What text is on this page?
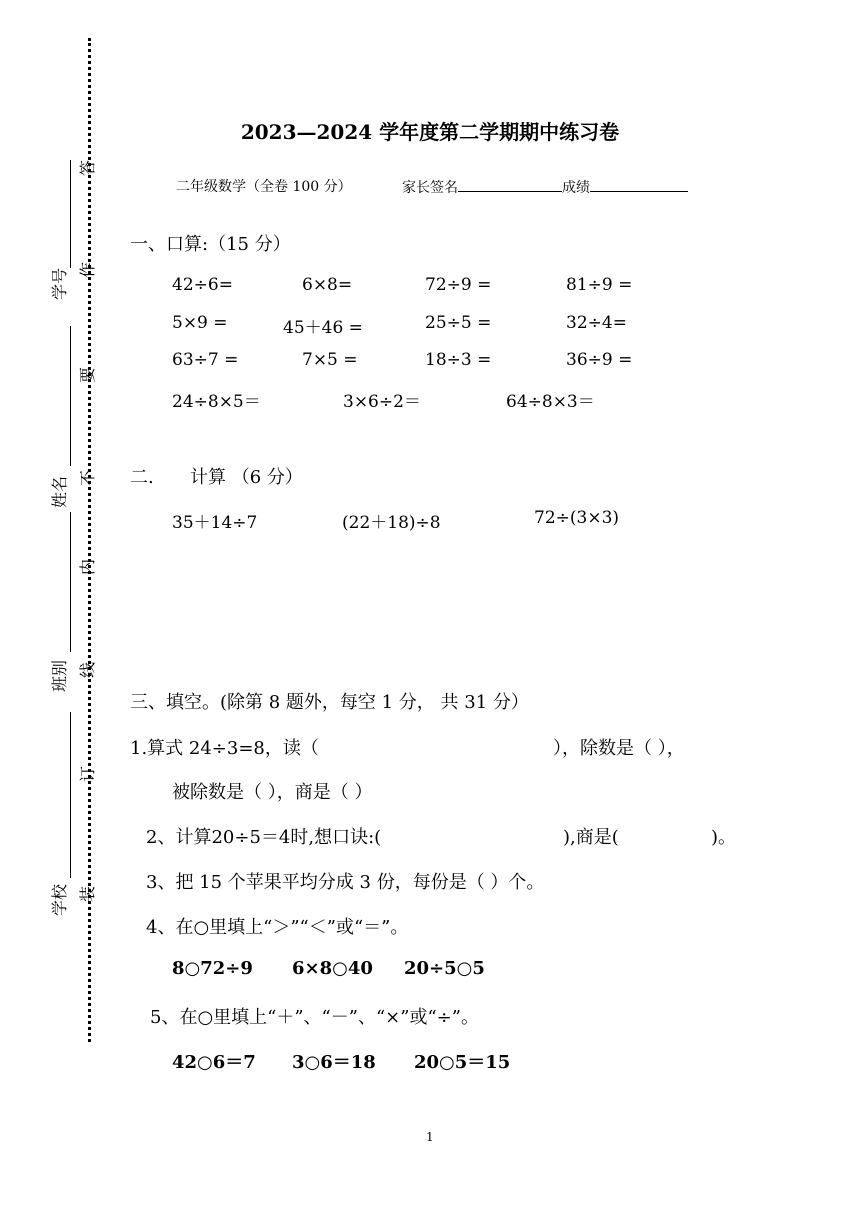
学号
姓名
班别
学校
答
作
要
不
内
线
订
装
2023—2024 学年度第二学期期中练习卷
二年级数学（全卷 100 分）	家长签名	成绩
一、口算:（15 分）
42÷6=	6×8=	72÷9 =	81÷9 =
5×9 =	45＋46 =	25÷5 =	32÷4=
63÷7 =	7×5 =	18÷3 =	36÷9 =
24÷8×5＝	3×6÷2＝	64÷8×3＝
二. 计算 （6 分）
35＋14÷7	(22＋18)÷8	72÷(3×3)
三、填空。(除第 8 题外，每空 1 分， 共 31 分）
1.算式 24÷3=8，读（	），除数是（ ），
被除数是（ ），商是（ ）
2、计算20÷5＝4时,想口诀:(	),商是(	)。
3、把 15 个苹果平均分成 3 份，每份是（ ）个。
4、在○里填上“＞”“＜”或“＝”。
8○72÷9 6×8○40 20÷5○5
5、在○里填上“＋”、“－”、“×”或“÷”。
42○6＝7 3○6＝18 20○5＝15
1
